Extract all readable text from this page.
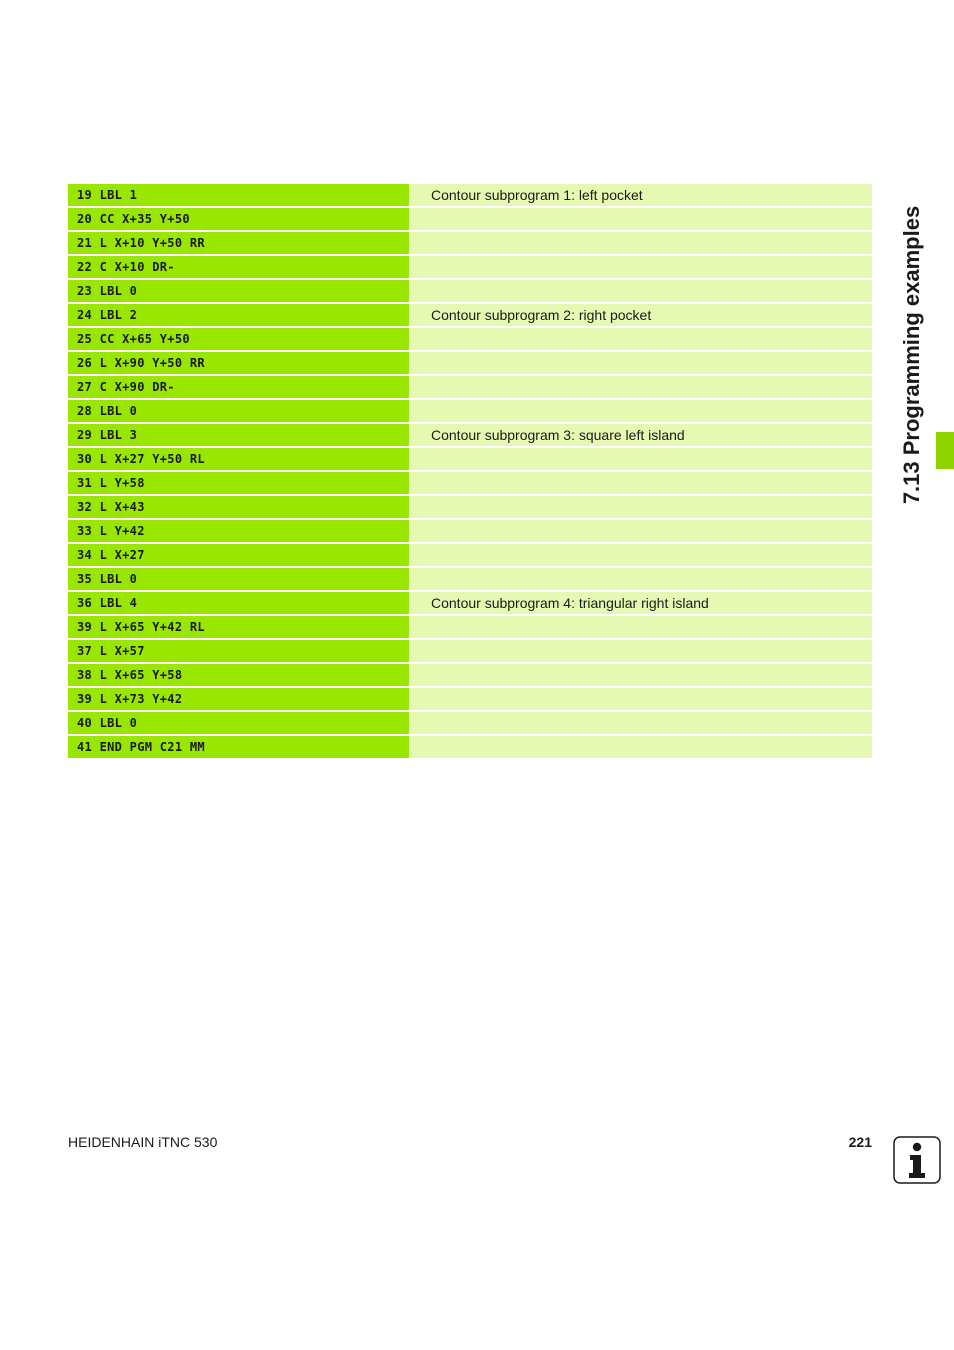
19 LBL 1	Contour subprogram 1: left pocket
20 CC X+35 Y+50
21 L X+10 Y+50 RR
22 C X+10 DR-
23 LBL 0
24 LBL 2	Contour subprogram 2: right pocket
25 CC X+65 Y+50
26 L X+90 Y+50 RR
27 C X+90 DR-
28 LBL 0
29 LBL 3	Contour subprogram 3: square left island
30 L X+27 Y+50 RL
31 L Y+58
32 L X+43
33 L Y+42
34 L X+27
35 LBL 0
36 LBL 4	Contour subprogram 4: triangular right island
39 L X+65 Y+42 RL
37 L X+57
38 L X+65 Y+58
39 L X+73 Y+42
40 LBL 0
41 END PGM C21 MM
7.13 Programming examples
HEIDENHAIN iTNC 530	221
